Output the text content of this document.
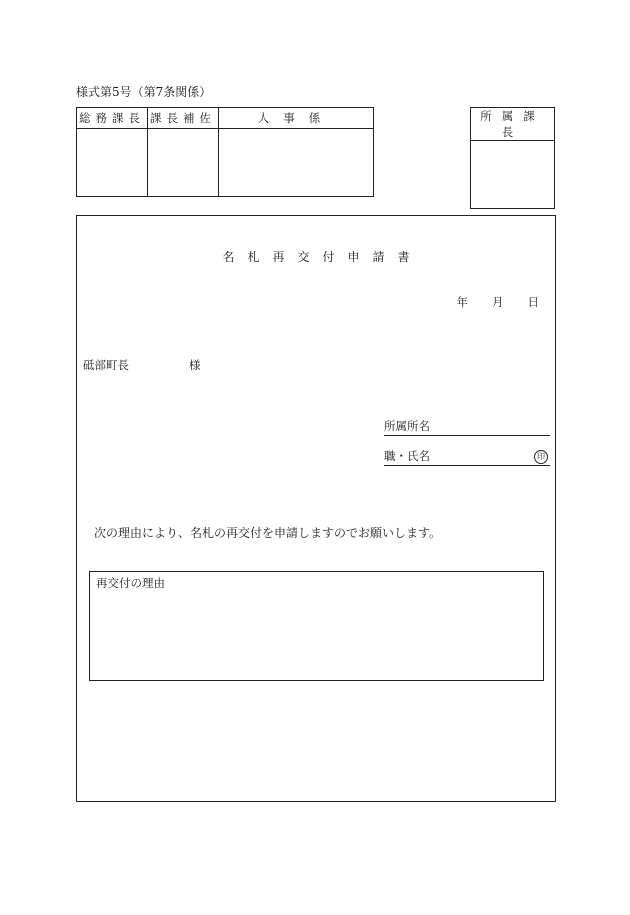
様式第5号（第7条関係）
総務課長	課長補佐	人事係
			所属課長

名札再交付申請書
年 月 日
砥部町長	様
所属所名
職・氏名	印
次の理由により、名札の再交付を申請しますのでお願いします。
再交付の理由
